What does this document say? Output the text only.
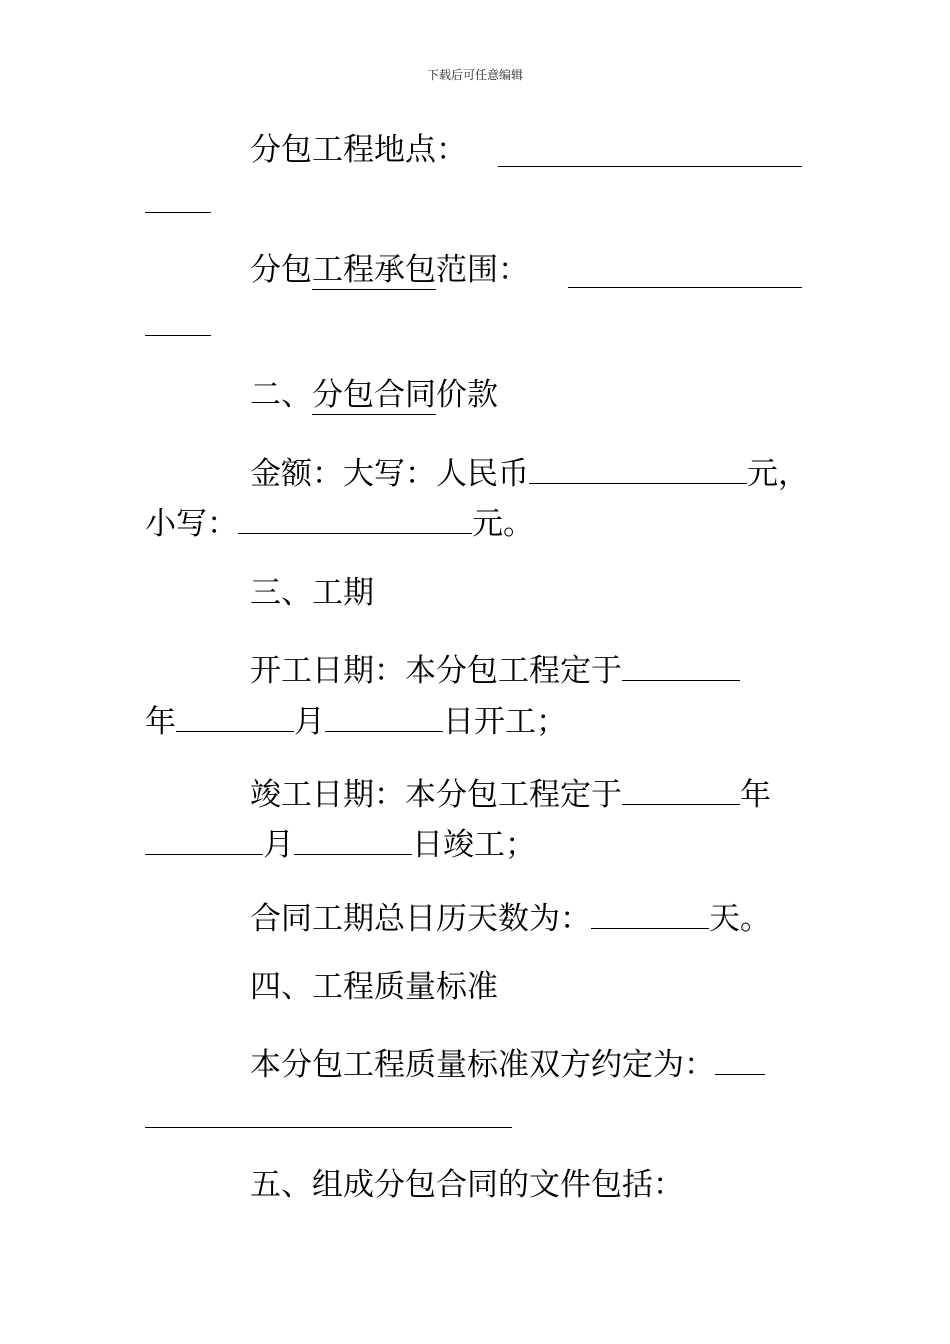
下载后可任意编辑
分包工程地点：
分包工程承包范围：
二、分包合同价款
金额：大写：人民币	元，
小写：	元。
三、工期
开工日期：本分包工程定于
年	月	日开工；
竣工日期：本分包工程定于	年
月	日竣工；
合同工期总日历天数为：	天。
四、工程质量标准
本分包工程质量标准双方约定为：
五、组成分包合同的文件包括：
